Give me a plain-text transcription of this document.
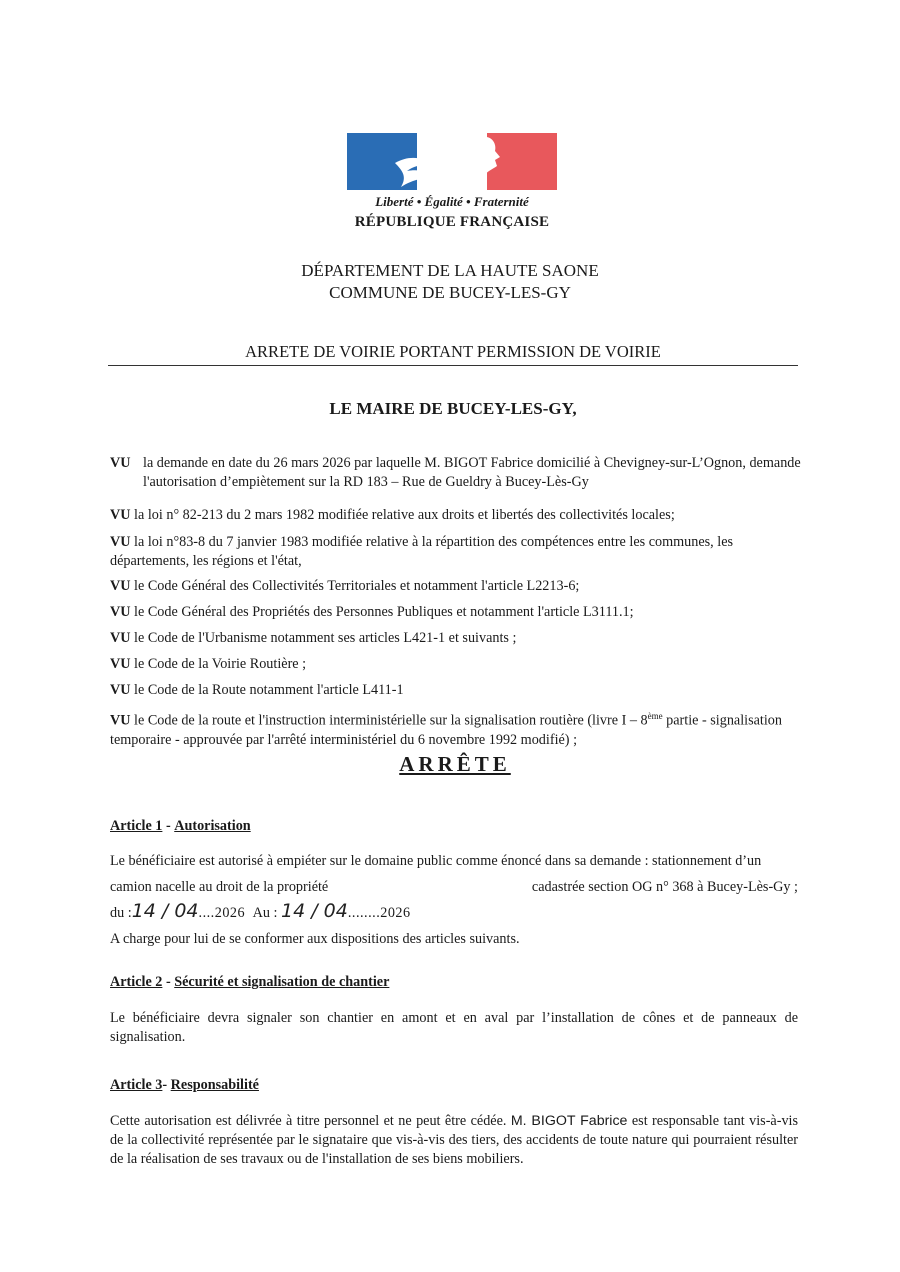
Liberté • Égalité • Fraternité
RÉPUBLIQUE FRANÇAISE
DÉPARTEMENT DE LA HAUTE SAONE
COMMUNE DE BUCEY-LES-GY
ARRETE DE VOIRIE PORTANT PERMISSION DE VOIRIE
LE MAIRE DE BUCEY-LES-GY,
VU la demande en date du 26 mars 2026 par laquelle M. BIGOT Fabrice domicilié à Chevigney-sur-L’Ognon, demande l'autorisation d’empiètement sur la RD 183 – Rue de Gueldry à Bucey-Lès-Gy
VU la loi n° 82-213 du 2 mars 1982 modifiée relative aux droits et libertés des collectivités locales;
VU la loi n°83-8 du 7 janvier 1983 modifiée relative à la répartition des compétences entre les communes, les départements, les régions et l'état,
VU le Code Général des Collectivités Territoriales et notamment l'article L2213-6;
VU le Code Général des Propriétés des Personnes Publiques et notamment l'article L3111.1;
VU le Code de l'Urbanisme notamment ses articles L421-1 et suivants ;
VU le Code de la Voirie Routière ;
VU le Code de la Route notamment l'article L411-1
VU le Code de la route et l'instruction interministérielle sur la signalisation routière (livre I – 8ème partie - signalisation temporaire - approuvée par l'arrêté interministériel du 6 novembre 1992 modifié) ;
ARRÊTE
Article 1 - Autorisation
Le bénéficiaire est autorisé à empiéter sur le domaine public comme énoncé dans sa demande : stationnement d’un
camion nacelle au droit de la propriété	cadastrée section OG n° 368 à Bucey-Lès-Gy ;
du :14 / 04....2026 Au : 14 / 04........2026
A charge pour lui de se conformer aux dispositions des articles suivants.
Article 2 - Sécurité et signalisation de chantier
Le bénéficiaire devra signaler son chantier en amont et en aval par l’installation de cônes et de panneaux de signalisation.
Article 3- Responsabilité
Cette autorisation est délivrée à titre personnel et ne peut être cédée. M. BIGOT Fabrice est responsable tant vis-à-vis de la collectivité représentée par le signataire que vis-à-vis des tiers, des accidents de toute nature qui pourraient résulter de la réalisation de ses travaux ou de l'installation de ses biens mobiliers.
